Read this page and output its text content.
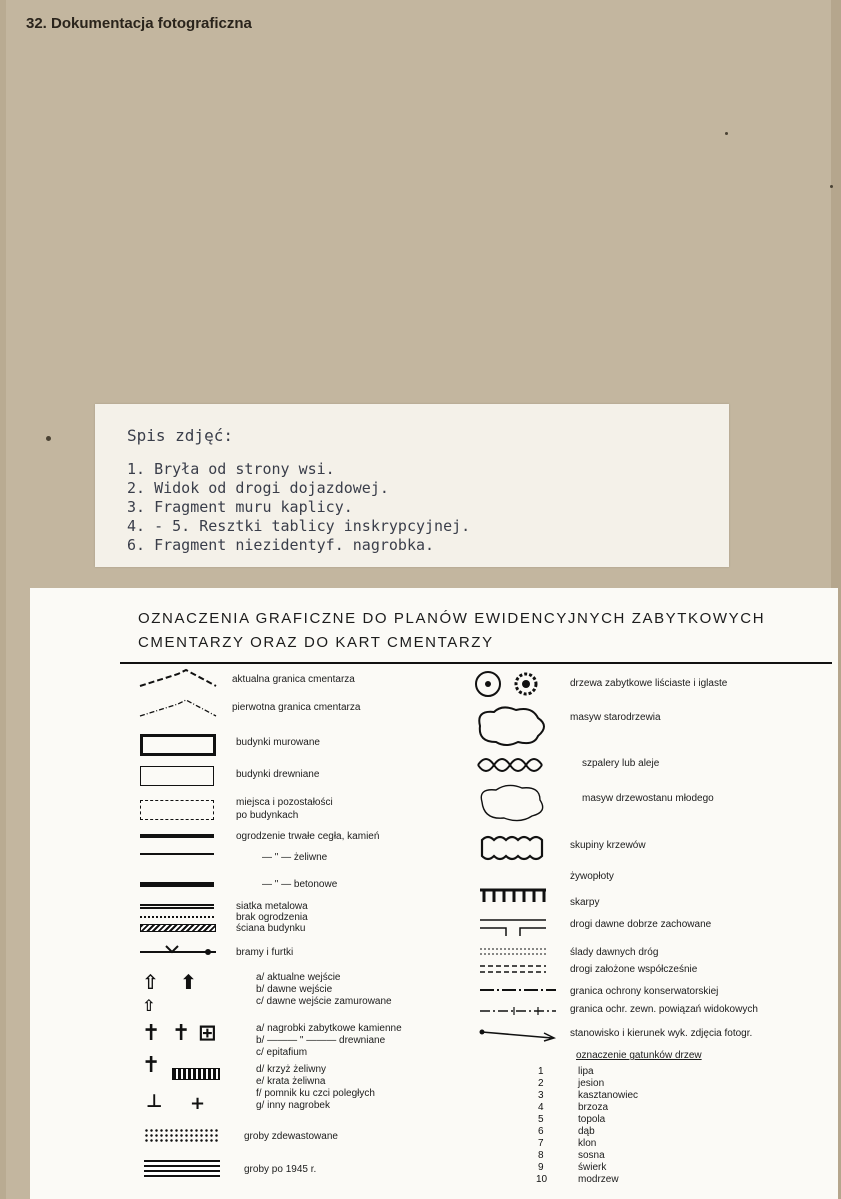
32. Dokumentacja fotograficzna
Spis zdjęć:
1. Bryła od strony wsi.
2. Widok od drogi dojazdowej.
3. Fragment muru kaplicy.
4. - 5. Resztki tablicy inskrypcyjnej.
6. Fragment niezidentyf. nagrobka.
OZNACZENIA GRAFICZNE DO PLANÓW EWIDENCYJNYCH ZABYTKOWYCH
CMENTARZY ORAZ DO KART CMENTARZY
⇧ ⬆
⇧
✝ ✝ ⊞
✝
⊥ +
aktualna granica cmentarza
pierwotna granica cmentarza
budynki murowane
budynki drewniane
miejsca i pozostałości
po budynkach
ogrodzenie trwałe cegła, kamień
— " — żeliwne
— " — betonowe
siatka metalowa
brak ogrodzenia
ściana budynku
bramy i furtki
a/ aktualne wejście
b/ dawne wejście
c/ dawne wejście zamurowane
a/ nagrobki zabytkowe kamienne
b/ ——— " ——— drewniane
c/ epitafium
d/ krzyż żeliwny
e/ krata żeliwna
f/ pomnik ku czci poległych
g/ inny nagrobek
groby zdewastowane
groby po 1945 r.
drzewa zabytkowe liściaste i iglaste
masyw starodrzewia
szpalery lub aleje
masyw drzewostanu młodego
skupiny krzewów
żywopłoty
skarpy
drogi dawne dobrze zachowane
ślady dawnych dróg
drogi założone współcześnie
granica ochrony konserwatorskiej
granica ochr. zewn. powiązań widokowych
stanowisko i kierunek wyk. zdjęcia fotogr.
oznaczenie gatunków drzew
1	lipa
2	jesion
3	kasztanowiec
4	brzoza
5	topola
6	dąb
7	klon
8	sosna
9	świerk
10	modrzew
